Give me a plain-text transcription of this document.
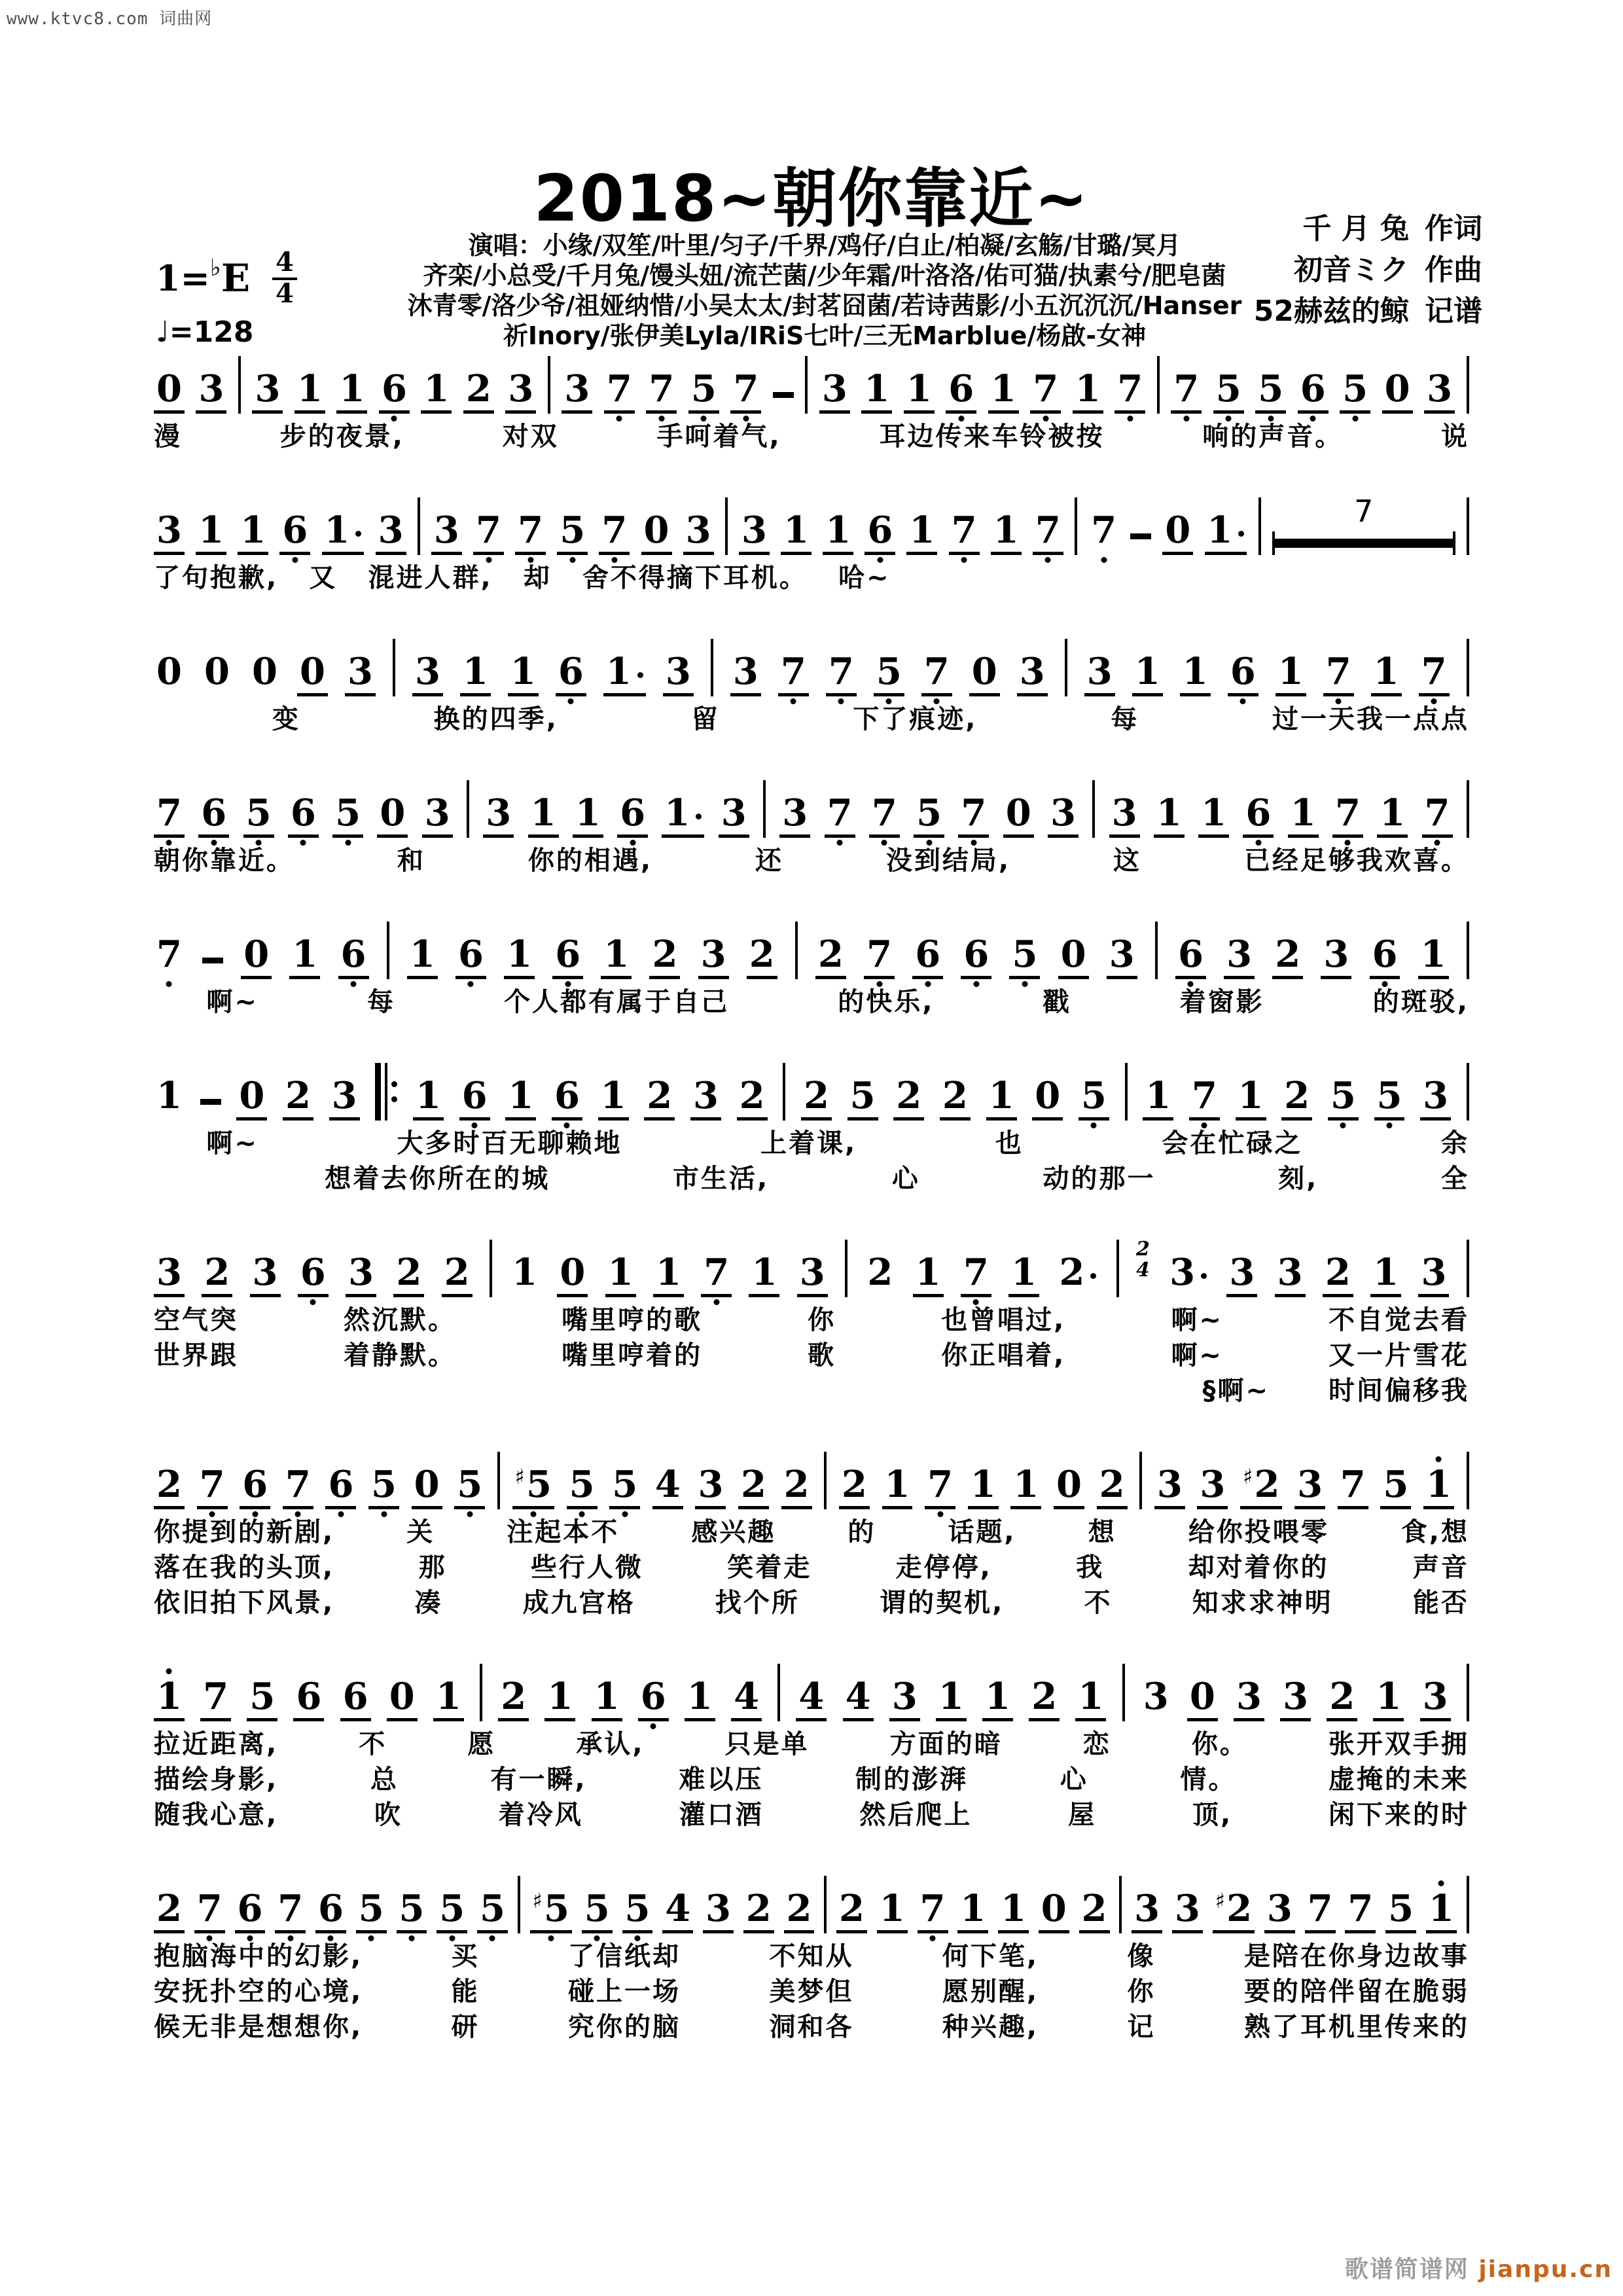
www.ktvc8.com 词曲网
2018~朝你靠近~	千 月 兔 作词
初音ミク 作曲
52赫兹的鲸 记谱
演唱：小缘/双笙/叶里/匀子/千界/鸡仔/白止/柏凝/玄觞/甘璐/冥月
齐栾/小总受/千月兔/馒头妞/流芒菌/少年霜/叶洛洛/佑可猫/执素兮/肥皂菌
沐青零/洛少爷/祖娅纳惜/小吴太太/封茗囧菌/若诗茜影/小五沉沉沉/Hanser
祈Inory/张伊美Lyla/IRiS七叶/三无Marblue/杨啟-女神
1= ♭ E $\frac{4}{4}$
♩=128
0 3 3 1 1 6 1 2 3 3 7 7 5 7 3 1 1 6 1 7 1 7 7 5 5 6 5 0 3
漫	步的夜景,	对双	手呵着气,	耳边传来车铃被按	响的声音。	说
3 1 1 6 1 3 3 7 7 5 7 0 3 3 1 1 6 1 7 1 7 7 0 1	7
了句抱歉, 又 混进人群, 却 舍不得摘下耳机。 哈~
0 0 0 0 3 3 1 1 6 1 3 3 7 7 5 7 0 3 3 1 1 6 1 7 1 7
变	换的四季,	留	下了痕迹,	每	过一天我一点点
7 6 5 6 5 0 3 3 1 1 6 1 3 3 7 7 5 7 0 3 3 1 1 6 1 7 1 7
朝你靠近。	和	你的相遇,	还	没到结局,	这	已经足够我欢喜。
7 0 1 6 1 6 1 6 1 2 3 2 2 7 6 6 5 0 3 6 3 2 3 6 1
啊~	每	个人都有属于自己	的快乐,	戳	着窗影	的斑驳,
1 0 2 3 1 6 1 6 1 2 3 2 2 5 2 2 1 0 5 1 7 1 2 5 5 3
啊~	大多时百无聊赖地	上着课,	也	会在忙碌之	余
想着去你所在的城	市生活,	心	动的那一	刻,	全
3 2 3 6 3 2 2 1 0 1 1 7 1 3 2 1 7 1 2
2
4 3 3 3 2 1 3
空气突	然沉默。	嘴里哼的歌	你	也曾唱过,	啊~	不自觉去看
世界跟	着静默。	嘴里哼着的	歌	你正唱着,	啊~	又一片雪花
§啊~ 时间偏移我
2 7 6 7 6 5 0 5 ♯5 5 5 4 3 2 2 2 1 7 1 1 0 2 3 3 ♯2 3 7 5 1
你提到的新剧,	关	注起本不	感兴趣	的	话题,	想	给你投喂零	食,想
落在我的头顶,	那	些行人微	笑着走	走停停,	我	却对着你的	声音
依旧拍下风景,	凑	成九宫格	找个所	谓的契机,	不	知求求神明	能否
1 7 5 6 6 0 1 2 1 1 6 1 4 4 4 3 1 1 2 1 3 0 3 3 2 1 3
拉近距离,	不	愿	承认,	只是单	方面的暗	恋	你。	张开双手拥
描绘身影,	总	有一瞬,	难以压	制的澎湃	心	情。	虚掩的未来
随我心意,	吹	着冷风	灌口酒	然后爬上	屋	顶,	闲下来的时
2 7 6 7 6 5 5 5 5 ♯5 5 5 4 3 2 2 2 1 7 1 1 0 2 3 3 ♯2 3 7 7 5 1
抱脑海中的幻影,	买	了信纸却	不知从	何下笔,	像	是陪在你身边故事
安抚扑空的心境,	能	碰上一场	美梦但	愿别醒,	你	要的陪伴留在脆弱
候无非是想想你,	研	究你的脑	洞和各	种兴趣,	记	熟了耳机里传来的
歌谱简谱网 jianpu.cn
